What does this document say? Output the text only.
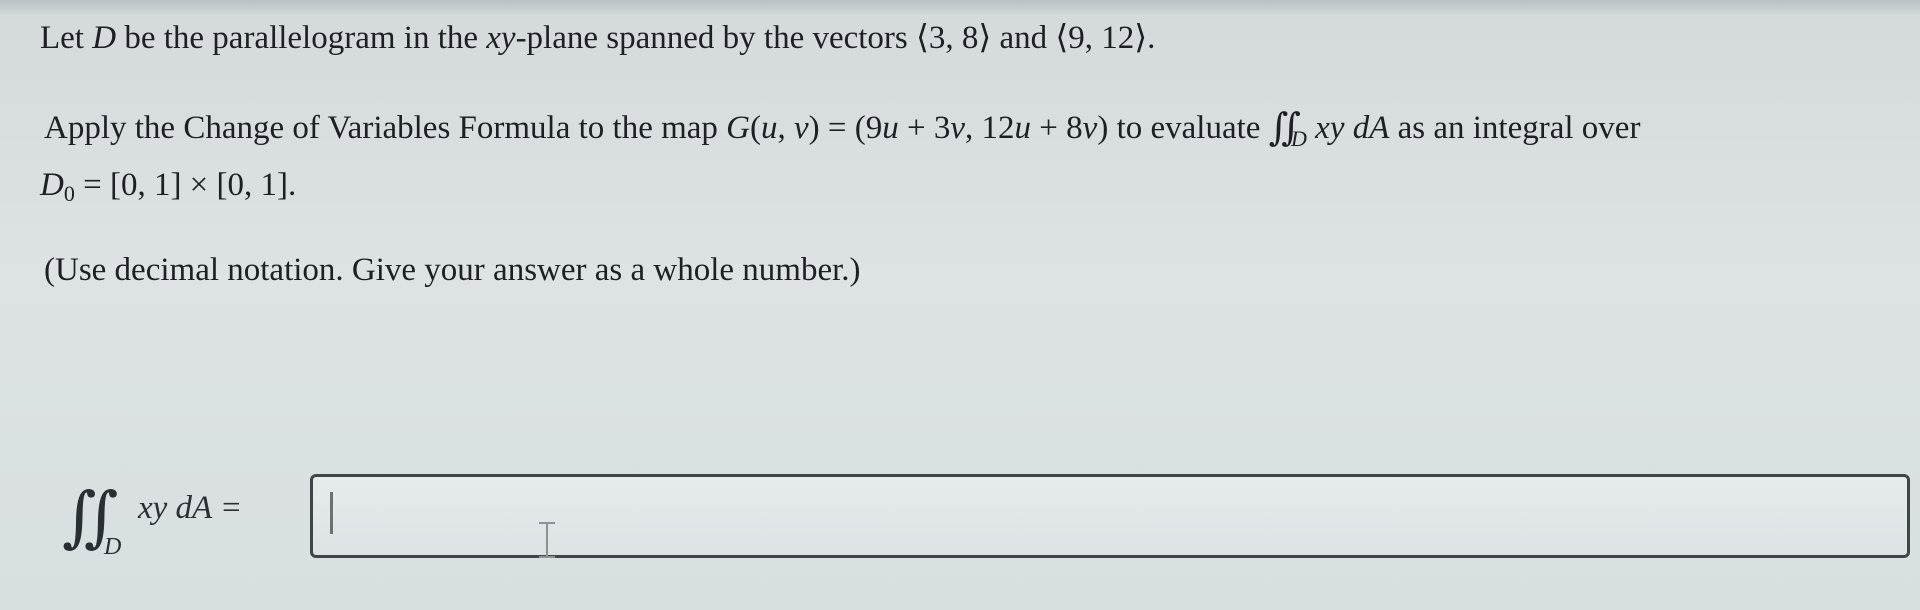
Let D be the parallelogram in the xy-plane spanned by the vectors ⟨3, 8⟩ and ⟨9, 12⟩.
Apply the Change of Variables Formula to the map G(u, v) = (9u + 3v, 12u + 8v) to evaluate $∬_D$ xy dA as an integral over
D0 = [0, 1] × [0, 1].
(Use decimal notation. Give your answer as a whole number.)
∬ D
xy dA =
